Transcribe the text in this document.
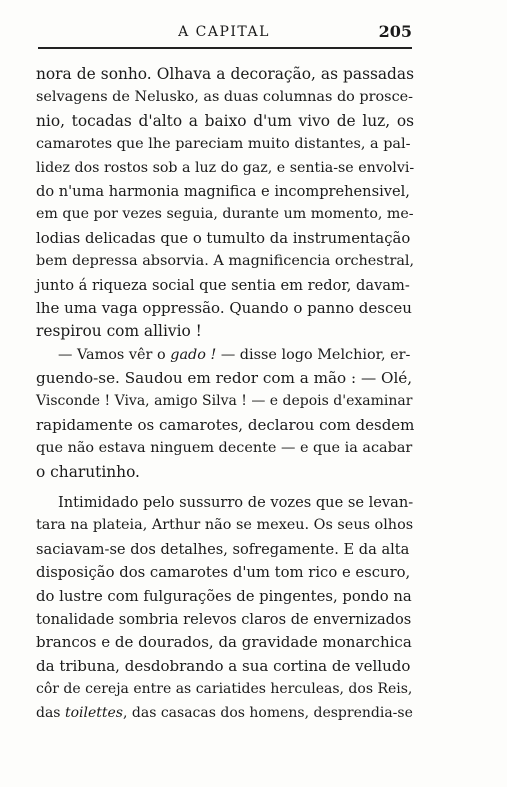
A CAPITAL	205
nora de sonho. Olhava a decoração, as passadas
selvagens de Nelusko, as duas columnas do prosce-
nio, tocadas d'alto a baixo d'um vivo de luz, os
camarotes que lhe pareciam muito distantes, a pal-
lidez dos rostos sob a luz do gaz, e sentia-se envolvi-
do n'uma harmonia magnifica e incomprehensivel,
em que por vezes seguia, durante um momento, me-
lodias delicadas que o tumulto da instrumentação
bem depressa absorvia. A magnificencia orchestral,
junto á riqueza social que sentia em redor, davam-
lhe uma vaga oppressão. Quando o panno desceu
respirou com allivio !
— Vamos vêr o gado ! — disse logo Melchior, er-
guendo-se. Saudou em redor com a mão : — Olé,
Visconde ! Viva, amigo Silva ! — e depois d'examinar
rapidamente os camarotes, declarou com desdem
que não estava ninguem decente — e que ia acabar
o charutinho.
Intimidado pelo sussurro de vozes que se levan-
tara na plateia, Arthur não se mexeu. Os seus olhos
saciavam-se dos detalhes, sofregamente. E da alta
disposição dos camarotes d'um tom rico e escuro,
do lustre com fulgurações de pingentes, pondo na
tonalidade sombria relevos claros de envernizados
brancos e de dourados, da gravidade monarchica
da tribuna, desdobrando a sua cortina de velludo
côr de cereja entre as cariatides herculeas, dos Reis,
das toilettes, das casacas dos homens, desprendia-se
